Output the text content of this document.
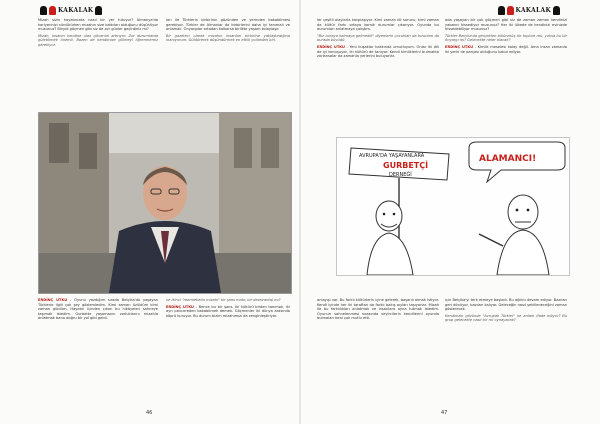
KAKALAK

Mizah sizin hayatınızda nasıl bir yer tutuyor? Almanya'da kariyerinizi sürdürürken mizahın size katkıları olduğunu düşünüyor musunuz? Birçok göçmen gibi siz de zor günler geçirdiniz mi?

Mizah, insanın kendine olan güvenini artırıyor. Zor durumlarda gülebilmek önemli. Bazen de kendimize gülmeyi öğrenmemiz gerekiyor.

ları ile Türklerin birbirinin gözünden ve yerinden bakabilmesi gerekiyor. Türkler de Almanlar da birbirlerini daha iyi tanımalı ve anlamalı. Önyargılar ortadan kalkarsa birlikte yaşam kolaylaşır.

Bir gazeteci olarak mizahın insanları birbirine yaklaştırdığına inanıyorum. Güldürerek düşündürmek en etkili yollardan biri.

ERDİNÇ UTKU - Oyunu yazdığım sırada Belçika'da yaşayan Türklerle ilgili çok şey gözlemledim. Kimi zaman üzüldüm kimi zaman güldüm. Hayatın içinden çıkan bu hikâyeleri sahneye taşımak istedim. Gurbette yaşamanın zorluklarını mizahla anlatmak bana doğru bir yol gibi geldi.

ve ikinci "memleketin mizahı" bir şans mıdır, bir dezavantaj mı?

ERDİNÇ UTKU - Bence bu bir şans. İki kültürü birden tanımak, iki ayrı pencereden bakabilmek demek. Göçmenler iki dünya arasında köprü kuruyor. Bu durum bizim mizahımızı da zenginleştiriyor.

46
KAKALAK

ler çeşitli olaylarla karşılaşıyor. Kimi zaman dil sorunu, kimi zaman da kültür farkı ortaya komik durumlar çıkarıyor. Oyunda bu durumları anlatmaya çalıştım.

"Biz buraya kalmaya gelmedik" diyenlerin çocukları da torunları da burada büyüdü.

ERDİNÇ UTKU - Yeni kuşaklar hakkında umutluyum. Onlar iki dili de iyi konuşuyor, iki kültürü de tanıyor. Kendi kimliklerini bulmakta zorlansalar da zamanla yerlerini buluyorlar.

ada yaşayan bir çok göçmen gibi siz de zaman zaman kendinizi yabancı hissediyor musunuz? Her iki ülkede de kendinizi evinizde hissedebiliyor musunuz?

Türkler Belçika'da gerçekten bölünmüş bir toplum mu, yoksa bu bir önyargı mı? Gelecekte neler olacak?

ERDİNÇ UTKU - Kimlik meselesi kolay değil. Ama insan zamanla iki yerin de parçası olduğunu kabul ediyor.

anlayışı var. Bu farklı kültürlerin içine gelerek, başarılı olmak istiyor. Kendi içinde her iki taraftan da farklı bakış açıları taşıyorlar. Mizah ile bu farklılıkları anlatmak ve insanlara ayna tutmak istedim. Oyunun sahnelenmesi sırasında seyircilerin kendilerini oyunda bulmaları beni çok mutlu etti.

için Belçika'yı terk etmeye başladı. Bu ağılını devam ediyor. Bazıları geri dönüyor, bazıları kalıyor. Geleceğin nasıl şekilleneceğini zaman gösterecek.

Kendinizin gözünde "Avrupalı Türkler" ne anlam ifade ediyor? Bu grup gelecekte nasıl bir rol oynayacak?

47
AVRUPA'DA YAŞAYANLARA
GURBETÇİ
DERNEĞİ
ALAMANCI!
